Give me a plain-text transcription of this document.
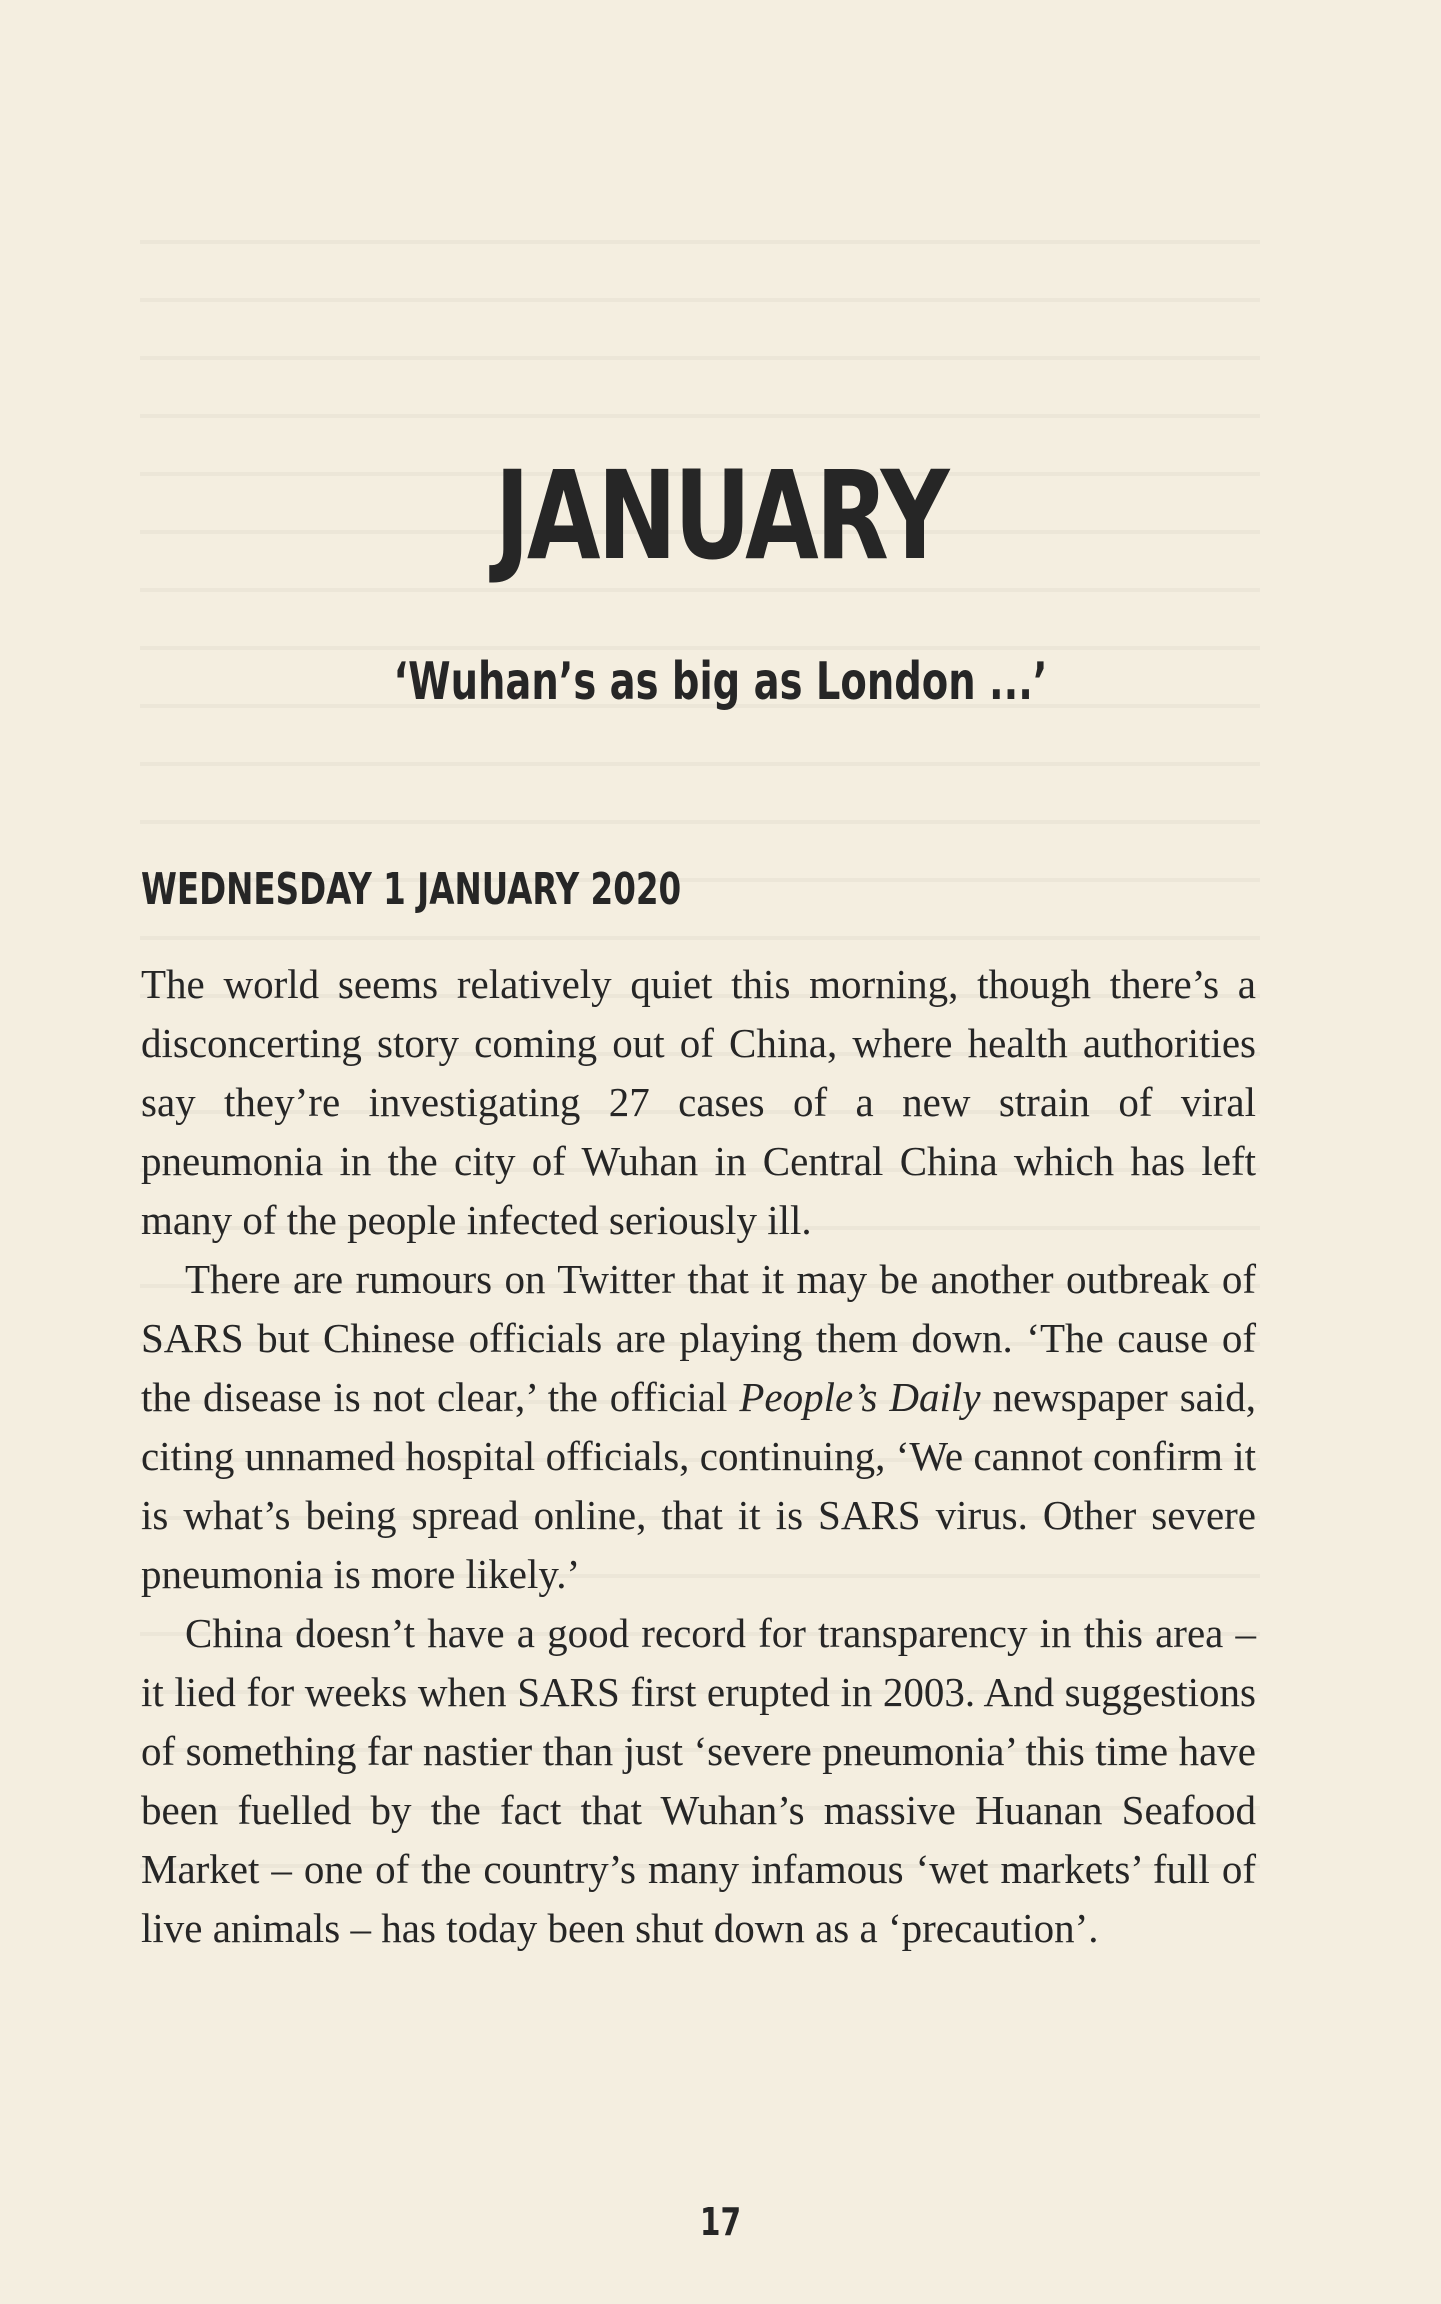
JANUARY
‘Wuhan’s as big as London ...’
WEDNESDAY 1 JANUARY 2020

The world seems relatively quiet this morning, though there’s a disconcerting story coming out of China, where health authorities say they’re investigating 27 cases of a new strain of viral pneumonia in the city of Wuhan in Central China which has left many of the people infected seriously ill.

There are rumours on Twitter that it may be another outbreak of SARS but Chinese officials are playing them down. ‘The cause of the disease is not clear,’ the official People’s Daily newspaper said, citing unnamed hospital officials, continuing, ‘We cannot confirm it is what’s being spread online, that it is SARS virus. Other severe pneumonia is more likely.’

China doesn’t have a good record for transparency in this area – it lied for weeks when SARS first erupted in 2003. And suggestions of something far nastier than just ‘severe pneumonia’ this time have been fuelled by the fact that Wuhan’s massive Huanan Seafood Market – one of the country’s many infamous ‘wet markets’ full of live animals – has today been shut down as a ‘precaution’.

17
